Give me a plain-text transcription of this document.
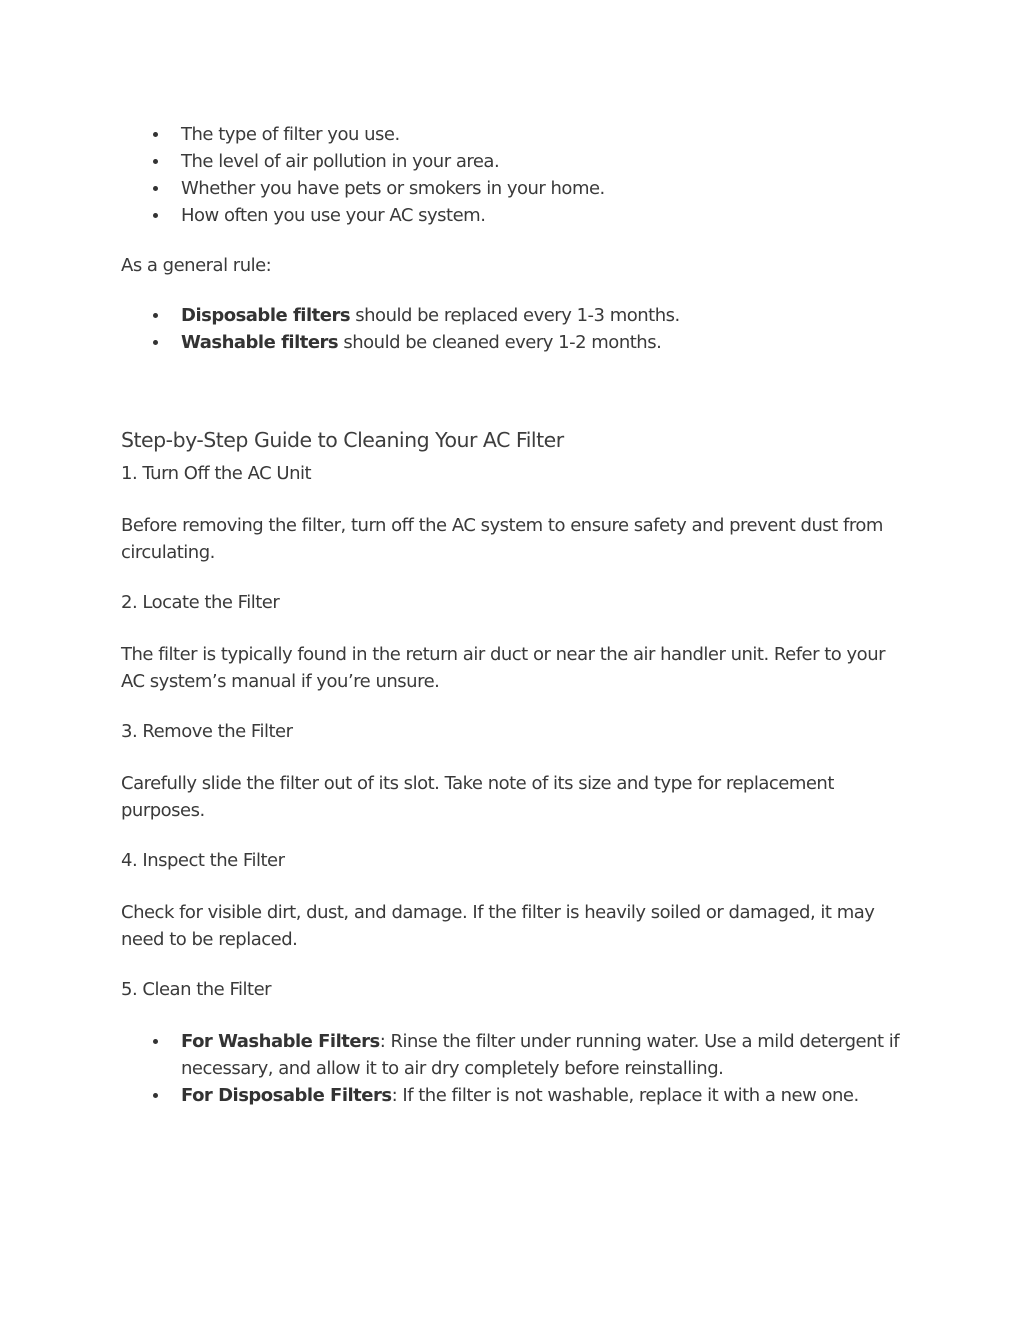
The type of filter you use.
The level of air pollution in your area.
Whether you have pets or smokers in your home.
How often you use your AC system.

As a general rule:

Disposable filters should be replaced every 1-3 months.
Washable filters should be cleaned every 1-2 months.
Step-by-Step Guide to Cleaning Your AC Filter

1. Turn Off the AC Unit

Before removing the filter, turn off the AC system to ensure safety and prevent dust from circulating.

2. Locate the Filter

The filter is typically found in the return air duct or near the air handler unit. Refer to your AC system’s manual if you’re unsure.

3. Remove the Filter

Carefully slide the filter out of its slot. Take note of its size and type for replacement purposes.

4. Inspect the Filter

Check for visible dirt, dust, and damage. If the filter is heavily soiled or damaged, it may need to be replaced.

5. Clean the Filter

For Washable Filters: Rinse the filter under running water. Use a mild detergent if necessary, and allow it to air dry completely before reinstalling.
For Disposable Filters: If the filter is not washable, replace it with a new one.
